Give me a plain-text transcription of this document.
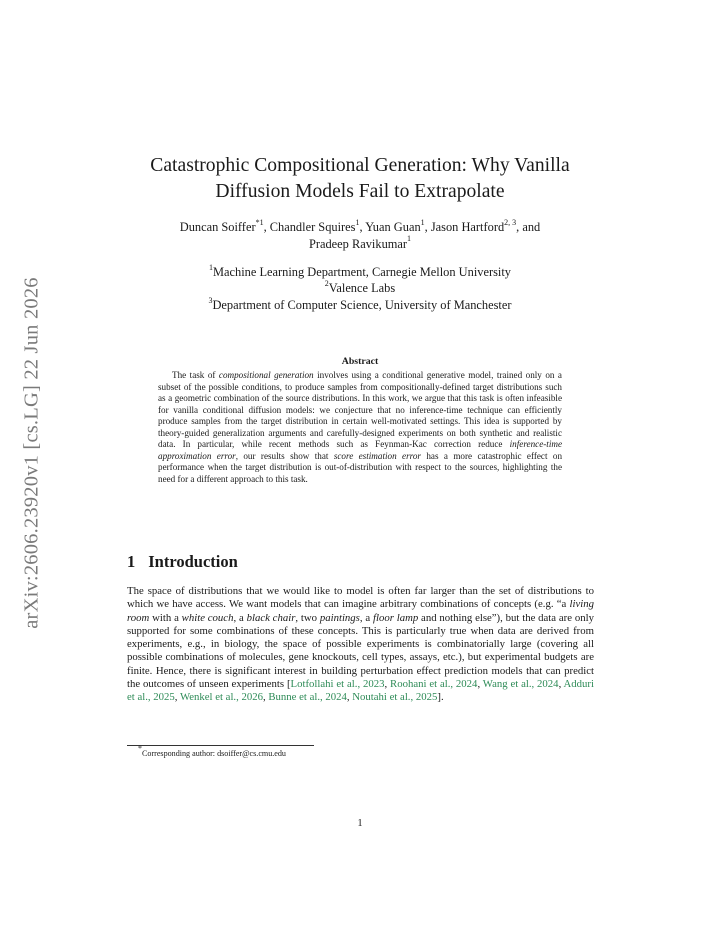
arXiv:2606.23920v1 [cs.LG] 22 Jun 2026
Catastrophic Compositional Generation: Why Vanilla
Diffusion Models Fail to Extrapolate
Duncan Soiffer$^{*1}$, Chandler Squires$^1$, Yuan Guan$^1$, Jason Hartford$^{2, 3}$, and
Pradeep Ravikumar$^1$
$^1$Machine Learning Department, Carnegie Mellon University
$^2$Valence Labs
$^3$Department of Computer Science, University of Manchester
Abstract
The task of compositional generation involves using a conditional generative model, trained only on a subset of the possible conditions, to produce samples from compositionally-defined target distributions such as a geometric combination of the source distributions. In this work, we argue that this task is often infeasible for vanilla conditional diffusion models: we conjecture that no inference-time technique can efficiently produce samples from the target distribution in certain well-motivated settings. This idea is supported by theory-guided generalization arguments and carefully-designed experiments on both synthetic and realistic data. In particular, while recent methods such as Feynman-Kac correction reduce inference-time approximation error, our results show that score estimation error has a more catastrophic effect on performance when the target distribution is out-of-distribution with respect to the sources, highlighting the need for a different approach to this task.
1 Introduction
The space of distributions that we would like to model is often far larger than the set of distributions to which we have access. We want models that can imagine arbitrary combinations of concepts (e.g. “a living room with a white couch, a black chair, two paintings, a floor lamp and nothing else”), but the data are only supported for some combinations of these concepts. This is particularly true when data are derived from experiments, e.g., in biology, the space of possible experiments is combinatorially large (covering all possible combinations of molecules, gene knockouts, cell types, assays, etc.), but experimental budgets are finite. Hence, there is significant interest in building perturbation effect prediction models that can predict the outcomes of unseen experiments [Lotfollahi et al., 2023, Roohani et al., 2024, Wang et al., 2024, Adduri et al., 2025, Wenkel et al., 2026, Bunne et al., 2024, Noutahi et al., 2025].
*Corresponding author: dsoiffer@cs.cmu.edu
1
